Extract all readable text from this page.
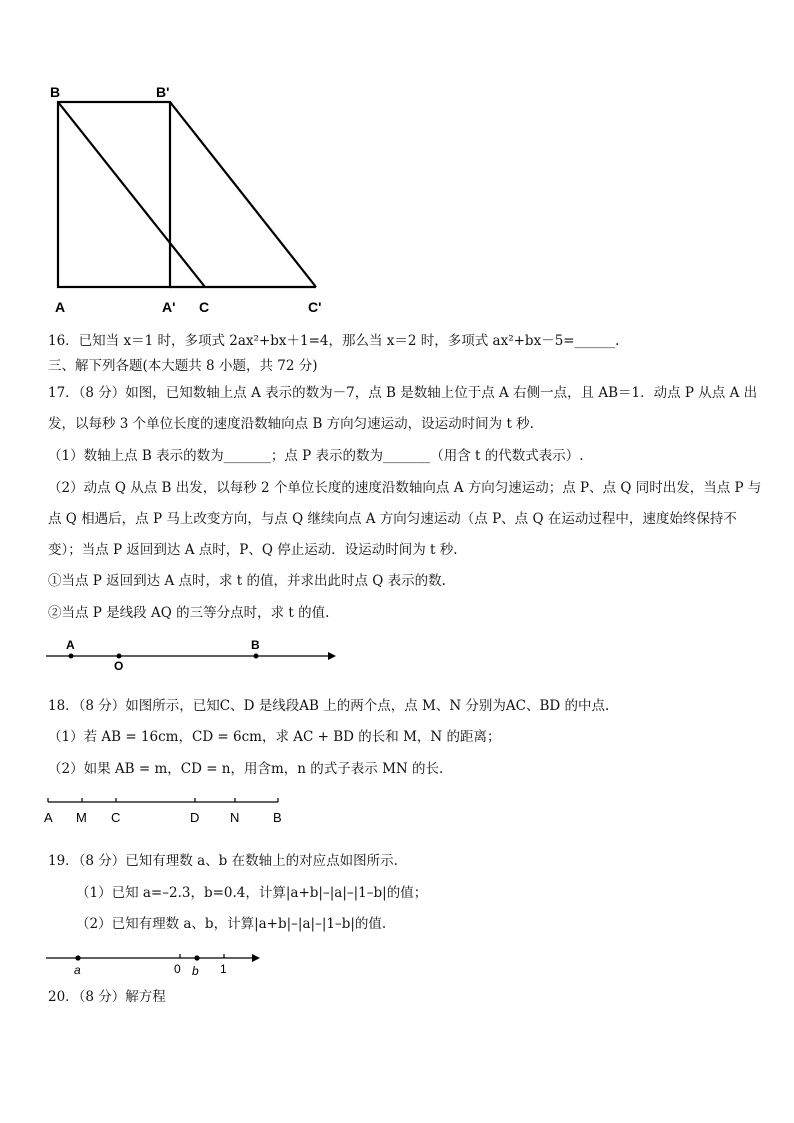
B	B'
A	A' C	C'
16．已知当 x＝1 时，多项式 2ax²+bx＋1=4，那么当 x＝2 时，多项式 ax²+bx－5=______.
三、解下列各题(本大题共 8 小题，共 72 分)
17．（8 分）如图，已知数轴上点 A 表示的数为－7，点 B 是数轴上位于点 A 右侧一点，且 AB＝1．动点 P 从点 A 出
发，以每秒 3 个单位长度的速度沿数轴向点 B 方向匀速运动，设运动时间为 t 秒.
（1）数轴上点 B 表示的数为_______；点 P 表示的数为_______（用含 t 的代数式表示）.
（2）动点 Q 从点 B 出发，以每秒 2 个单位长度的速度沿数轴向点 A 方向匀速运动；点 P、点 Q 同时出发，当点 P 与
点 Q 相遇后，点 P 马上改变方向，与点 Q 继续向点 A 方向匀速运动（点 P、点 Q 在运动过程中，速度始终保持不
变）；当点 P 返回到达 A 点时，P、Q 停止运动．设运动时间为 t 秒.
①当点 P 返回到达 A 点时，求 t 的值，并求出此时点 Q 表示的数.
②当点 P 是线段 AQ 的三等分点时，求 t 的值.
A
O
B
18．（8 分）如图所示，已知C、D 是线段AB 上的两个点，点 M、N 分别为AC、BD 的中点.
（1）若 AB = 16cm，CD = 6cm，求 AC + BD 的长和 M，N 的距离；
（2）如果 AB = m，CD = n，用含m，n 的式子表示 MN 的长.
A M C	D N	B
19．（8 分）已知有理数 a、b 在数轴上的对应点如图所示.
（1）已知 a=–2.3，b=0.4，计算|a+b|–|a|–|1–b|的值；
（2）已知有理数 a、b，计算|a+b|–|a|–|1–b|的值.
a	0 b 1
20．（8 分）解方程
